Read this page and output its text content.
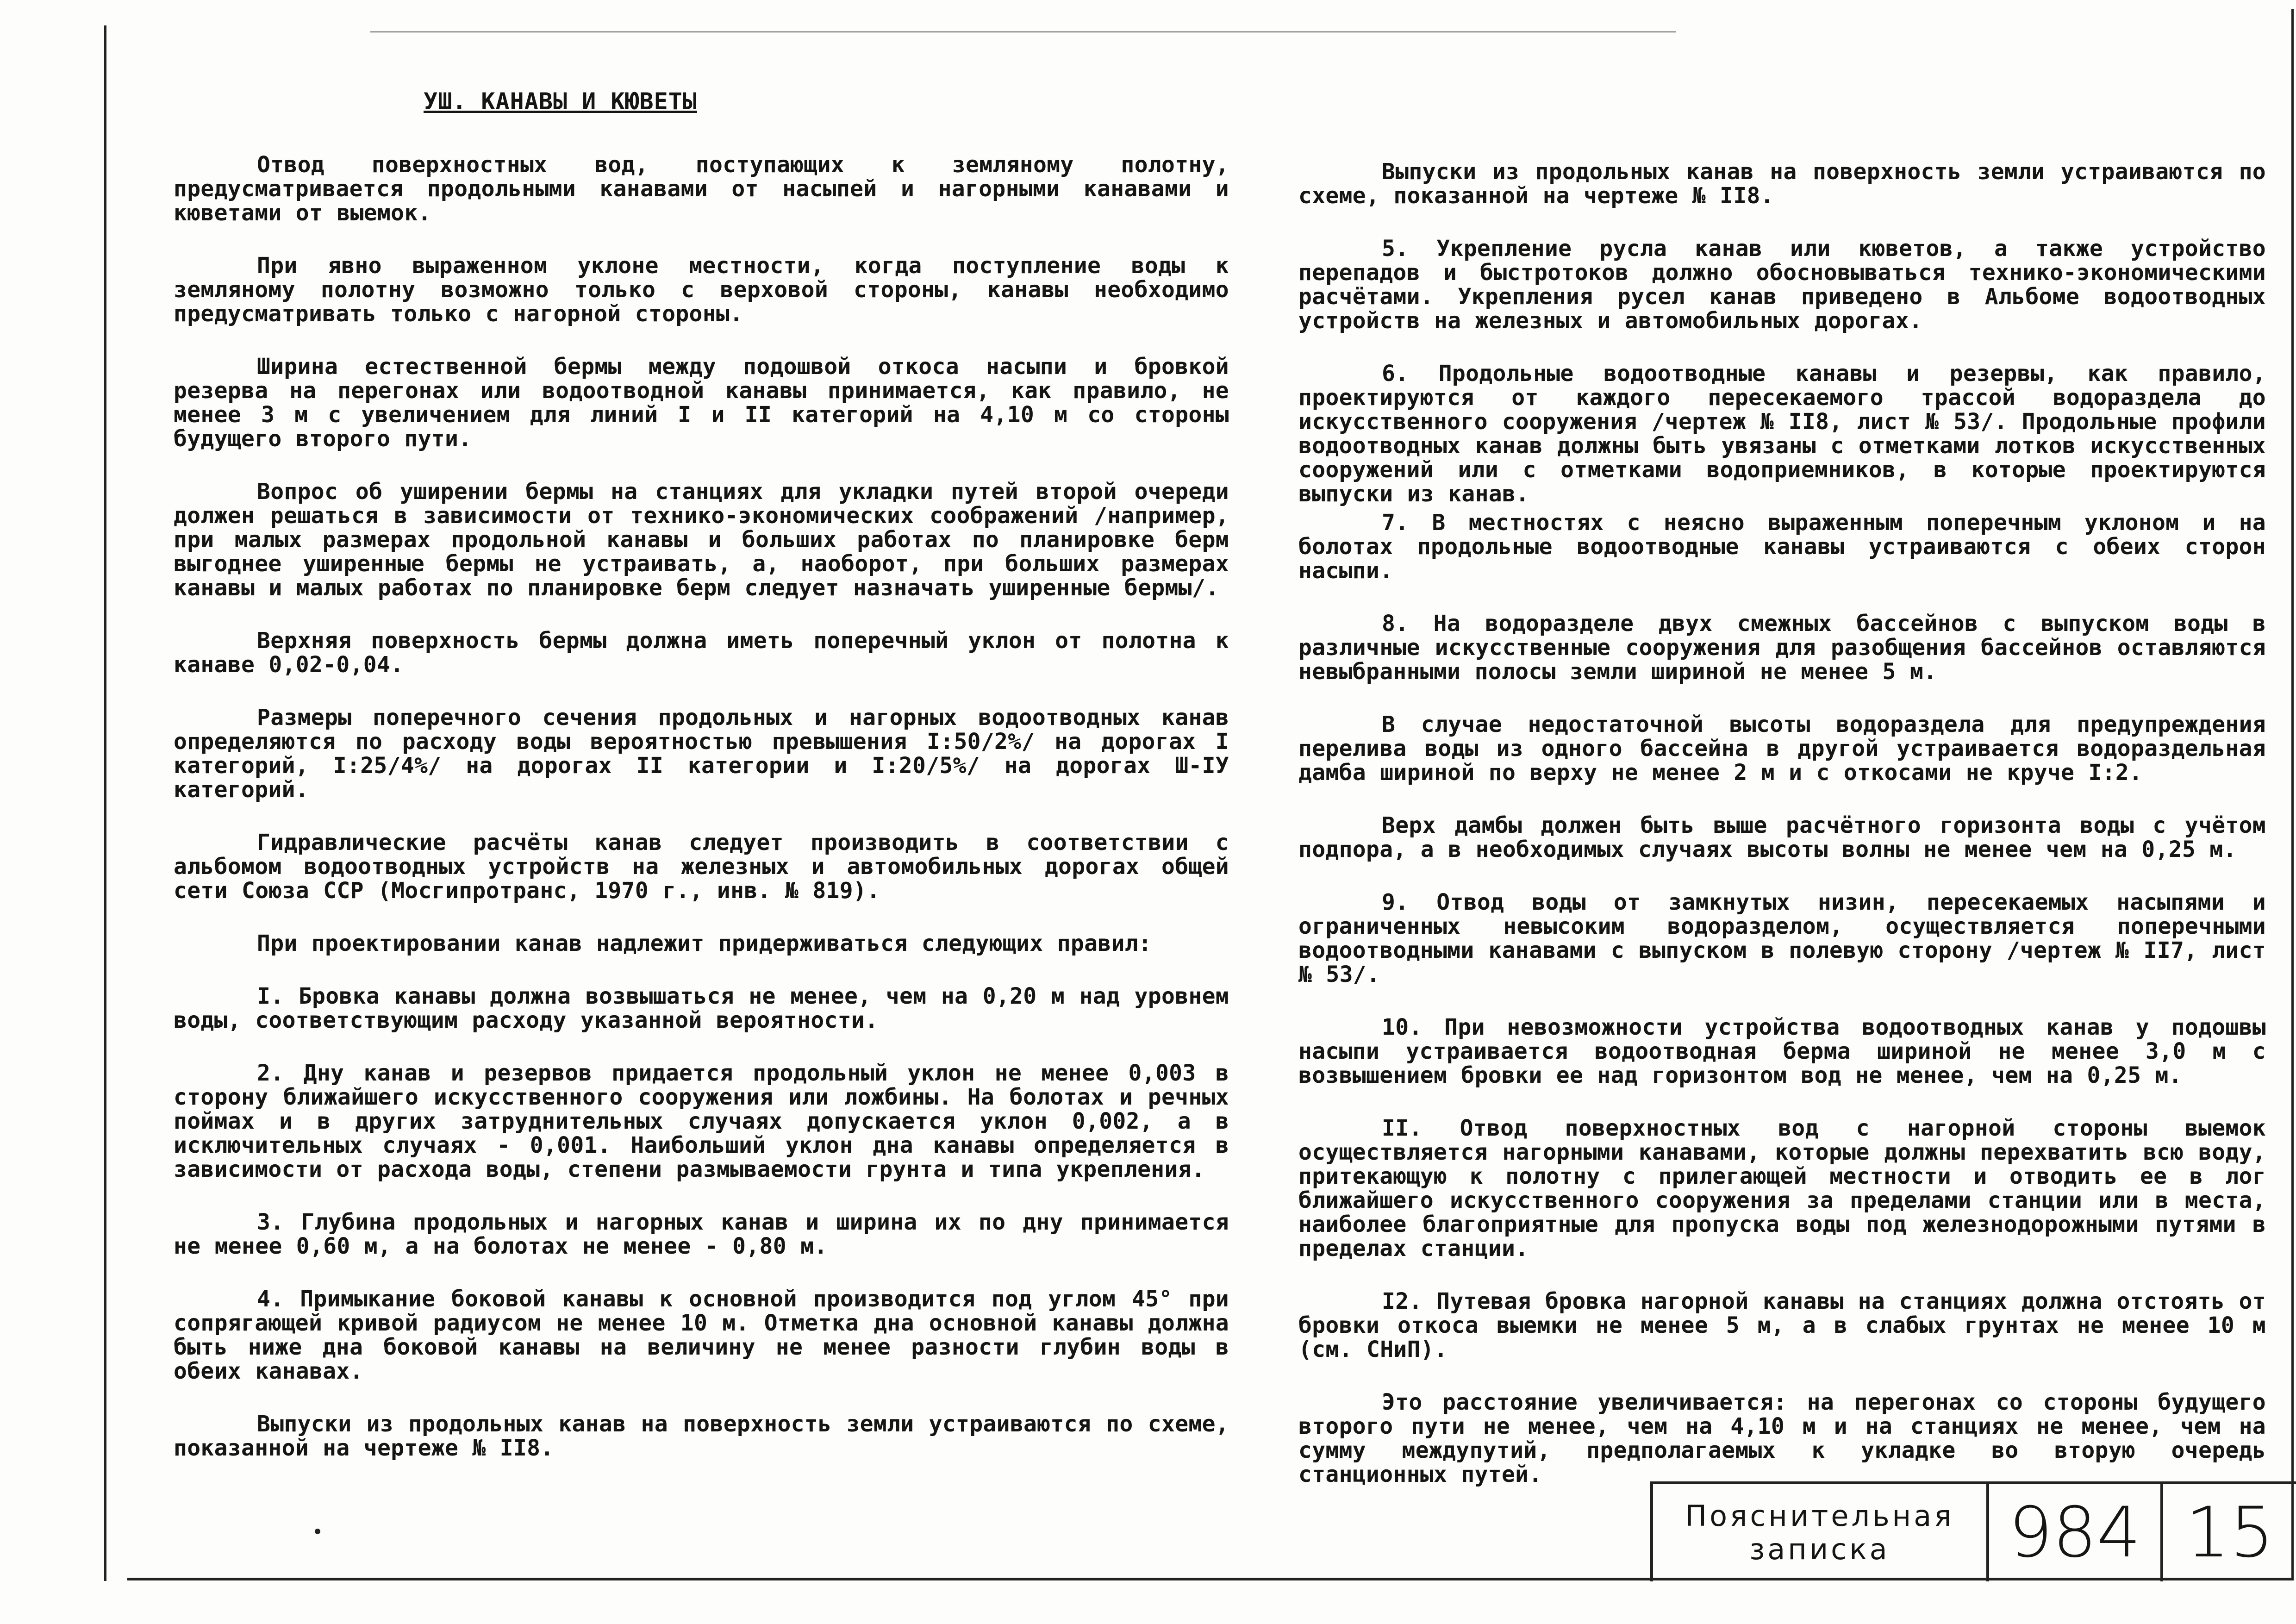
УШ. КАНАВЫ И КЮВЕТЫ

Отвод поверхностных вод, поступающих к земляному полотну, предусматривается продольными канавами от насыпей и нагорными канавами и кюветами от выемок.

При явно выраженном уклоне местности, когда поступление воды к земляному полотну возможно только с верховой стороны, канавы необходимо предусматривать только с нагорной стороны.

Ширина естественной бермы между подошвой откоса насыпи и бровкой резерва на перегонах или водоотводной канавы принимается, как правило, не менее 3 м с увеличением для линий I и II категорий на 4,10 м со стороны будущего второго пути.

Вопрос об уширении бермы на станциях для укладки путей второй очереди должен решаться в зависимости от технико-экономических соображений /например, при малых размерах продольной канавы и больших работах по планировке берм выгоднее уширенные бермы не устраивать, а, наоборот, при больших размерах канавы и малых работах по планировке берм следует назначать уширенные бермы/.

Верхняя поверхность бермы должна иметь поперечный уклон от полотна к канаве 0,02-0,04.

Размеры поперечного сечения продольных и нагорных водоотводных канав определяются по расходу воды вероятностью превышения I:50/2%/ на дорогах I категорий, I:25/4%/ на дорогах II категории и I:20/5%/ на дорогах Ш-IУ категорий.

Гидравлические расчёты канав следует производить в соответствии с альбомом водоотводных устройств на железных и автомобильных дорогах общей сети Союза ССР (Мосгипротранс, 1970 г., инв. № 819).

При проектировании канав надлежит придерживаться следующих правил:

I. Бровка канавы должна возвышаться не менее, чем на 0,20 м над уровнем воды, соответствующим расходу указанной вероятности.

2. Дну канав и резервов придается продольный уклон не менее 0,003 в сторону ближайшего искусственного сооружения или ложбины. На болотах и речных поймах и в других затруднительных случаях допускается уклон 0,002, а в исключительных случаях - 0,001. Наибольший уклон дна канавы определяется в зависимости от расхода воды, степени размываемости грунта и типа укрепления.

3. Глубина продольных и нагорных канав и ширина их по дну принимается не менее 0,60 м, а на болотах не менее - 0,80 м.

4. Примыкание боковой канавы к основной производится под углом 45° при сопрягающей кривой радиусом не менее 10 м. Отметка дна основной канавы должна быть ниже дна боковой канавы на величину не менее разности глубин воды в обеих канавах.

Выпуски из продольных канав на поверхность земли устраиваются по схеме, показанной на чертеже № II8.

Выпуски из продольных канав на поверхность земли устраиваются по схеме, показанной на чертеже № II8.

5. Укрепление русла канав или кюветов, а также устройство перепадов и быстротоков должно обосновываться технико-экономическими расчётами. Укрепления русел канав приведено в Альбоме водоотводных устройств на железных и автомобильных дорогах.

6. Продольные водоотводные канавы и резервы, как правило, проектируются от каждого пересекаемого трассой водораздела до искусственного сооружения /чертеж № II8, лист № 53/. Продольные профили водоотводных канав должны быть увязаны с отметками лотков искусственных сооружений или с отметками водоприемников, в которые проектируются выпуски из канав.

7. В местностях с неясно выраженным поперечным уклоном и на болотах продольные водоотводные канавы устраиваются с обеих сторон насыпи.

8. На водоразделе двух смежных бассейнов с выпуском воды в различные искусственные сооружения для разобщения бассейнов оставляются невыбранными полосы земли шириной не менее 5 м.

В случае недостаточной высоты водораздела для предупреждения перелива воды из одного бассейна в другой устраивается водораздельная дамба шириной по верху не менее 2 м и с откосами не круче I:2.

Верх дамбы должен быть выше расчётного горизонта воды с учётом подпора, а в необходимых случаях высоты волны не менее чем на 0,25 м.

9. Отвод воды от замкнутых низин, пересекаемых насыпями и ограниченных невысоким водоразделом, осуществляется поперечными водоотводными канавами с выпуском в полевую сторону /чертеж № II7, лист № 53/.

10. При невозможности устройства водоотводных канав у подошвы насыпи устраивается водоотводная берма шириной не менее 3,0 м с возвышением бровки ее над горизонтом вод не менее, чем на 0,25 м.

II. Отвод поверхностных вод с нагорной стороны выемок осуществляется нагорными канавами, которые должны перехватить всю воду, притекающую к полотну с прилегающей местности и отводить ее в лог ближайшего искусственного сооружения за пределами станции или в места, наиболее благоприятные для пропуска воды под железнодорожными путями в пределах станции.

I2. Путевая бровка нагорной канавы на станциях должна отстоять от бровки откоса выемки не менее 5 м, а в слабых грунтах не менее 10 м (см. СНиП).

Это расстояние увеличивается: на перегонах со стороны будущего второго пути не менее, чем на 4,10 м и на станциях не менее, чем на сумму междупутий, предполагаемых к укладке во вторую очередь станционных путей.

Пояснительная
записка 984 15
